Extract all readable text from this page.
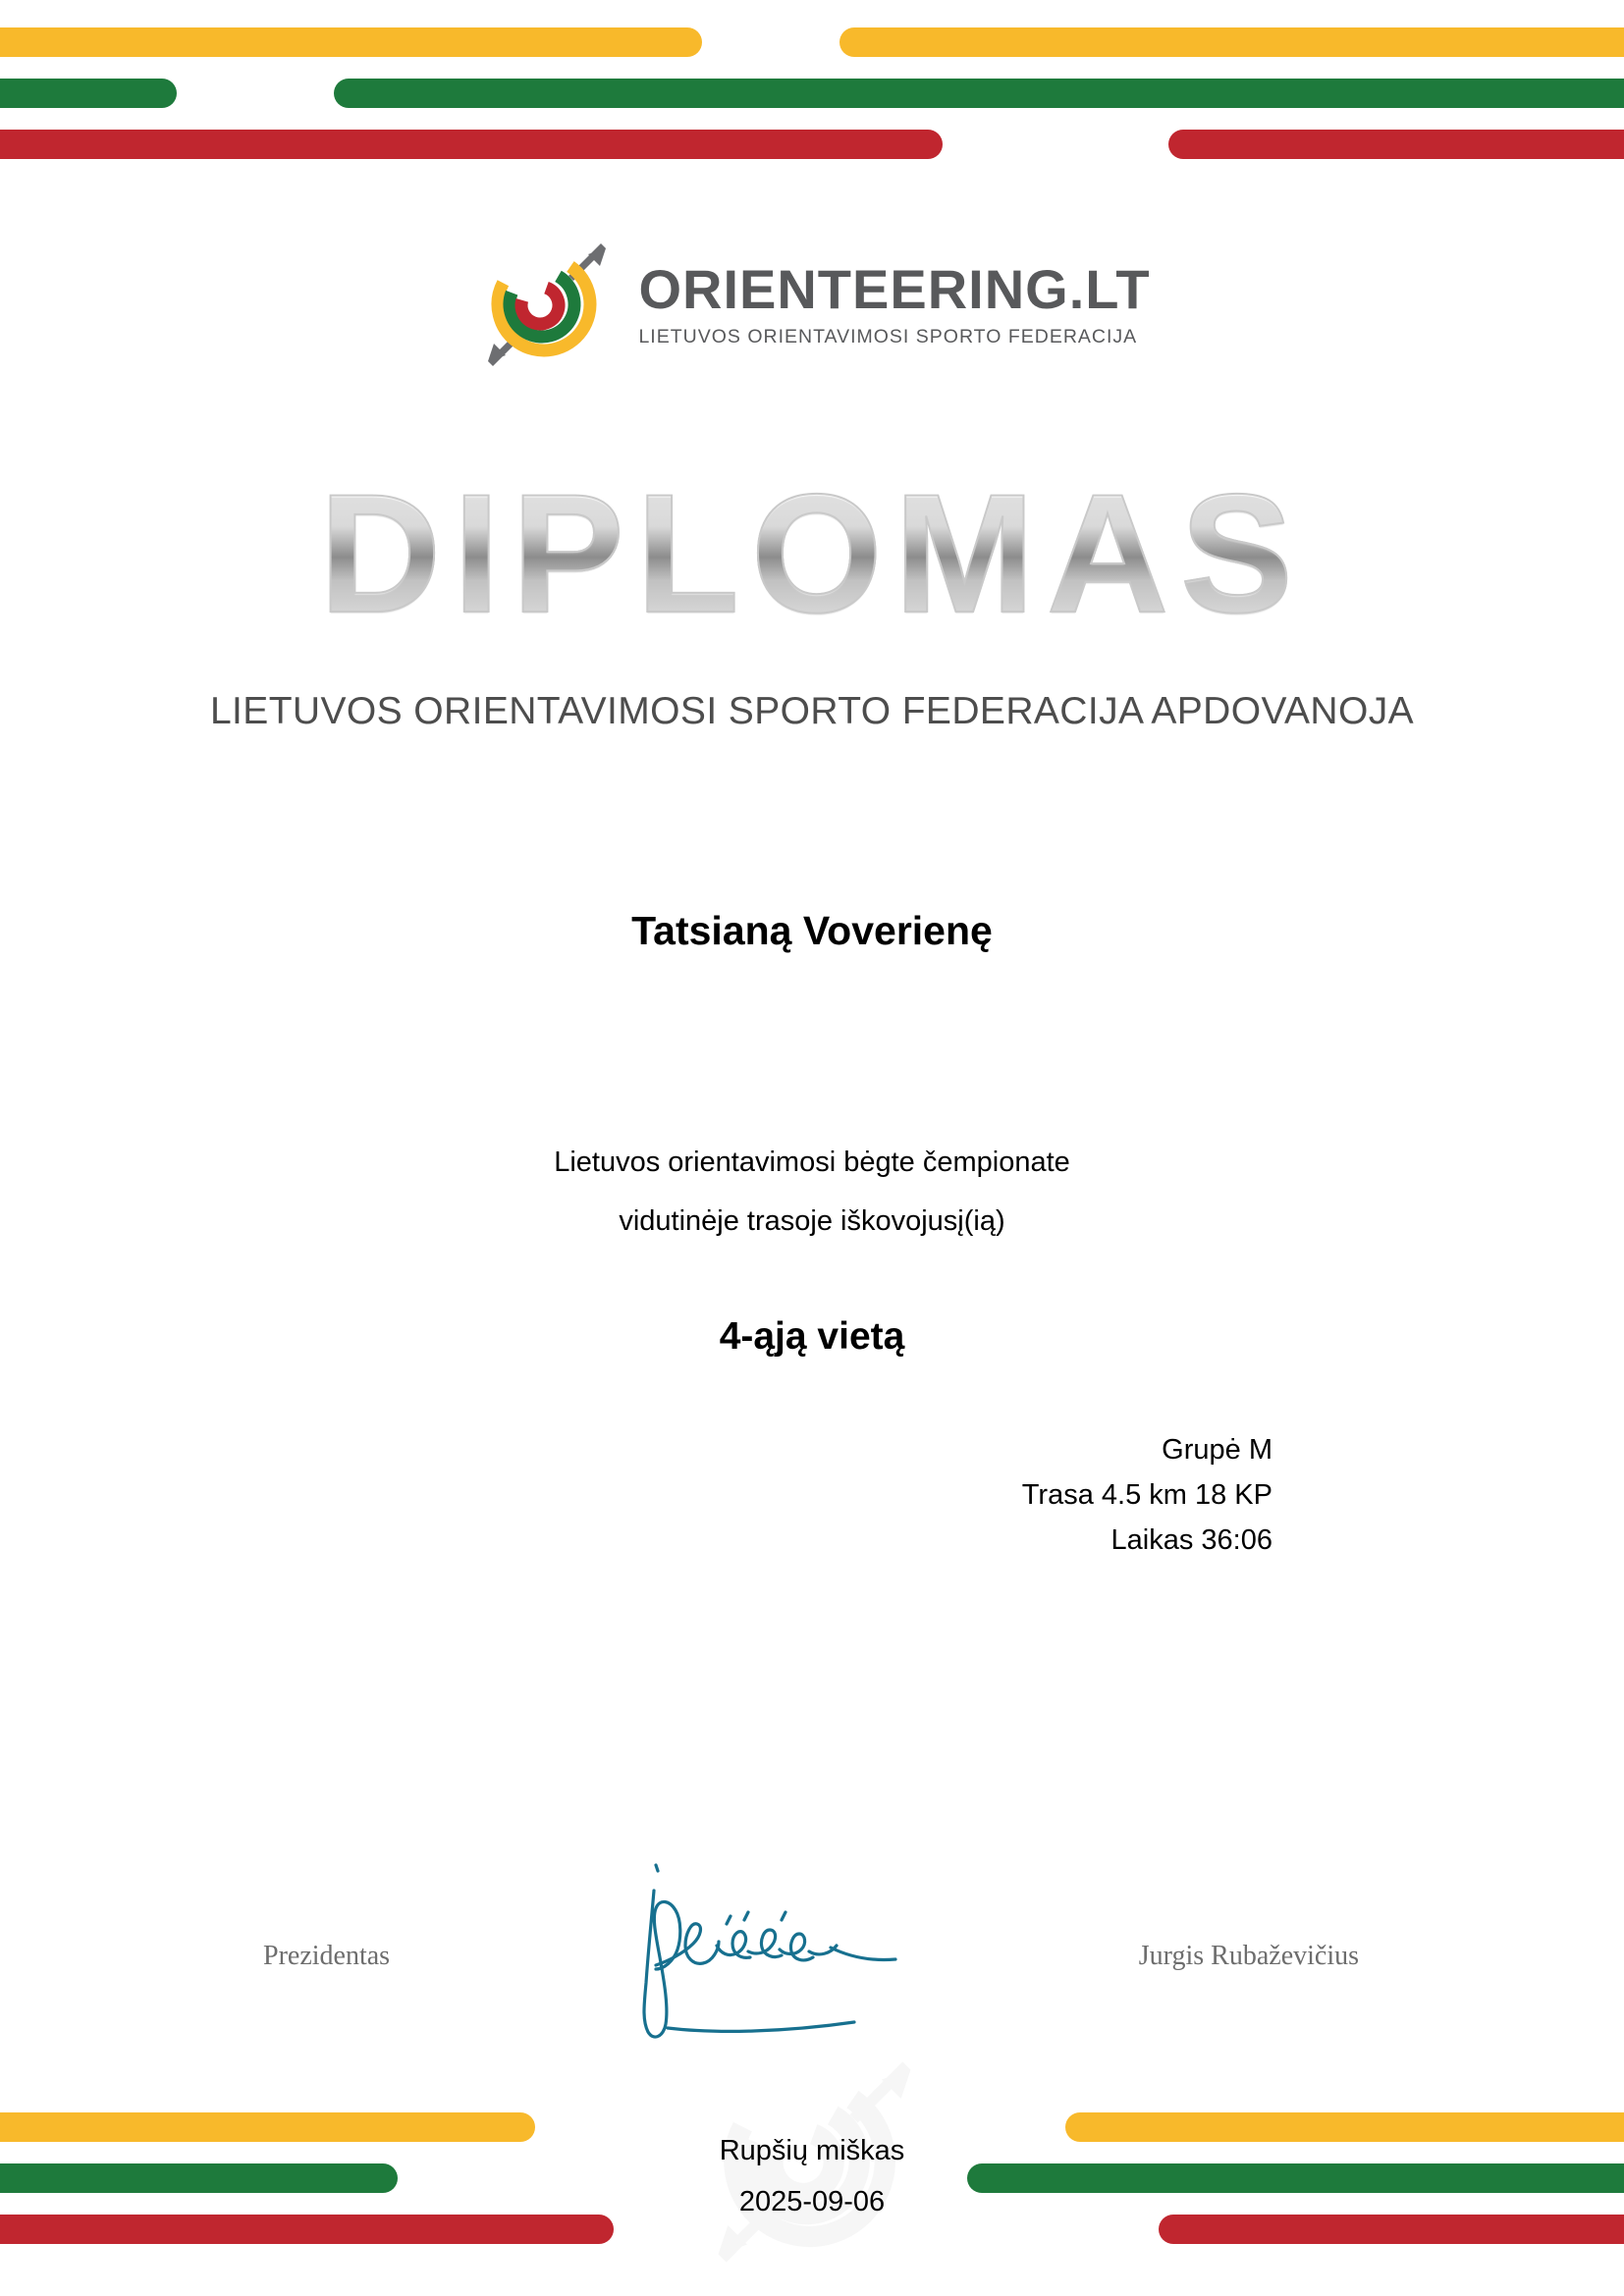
ORIENTEERING.LT
LIETUVOS ORIENTAVIMOSI SPORTO FEDERACIJA
DIPLOMAS
LIETUVOS ORIENTAVIMOSI SPORTO FEDERACIJA APDOVANOJA
Tatsianą Voverienę
Lietuvos orientavimosi bėgte čempionate
vidutinėje trasoje iškovojusį(ią)
4-ąją vietą
Grupė M
Trasa 4.5 km 18 KP
Laikas 36:06
Prezidentas	Jurgis Rubaževičius
Rupšių miškas
2025-09-06
